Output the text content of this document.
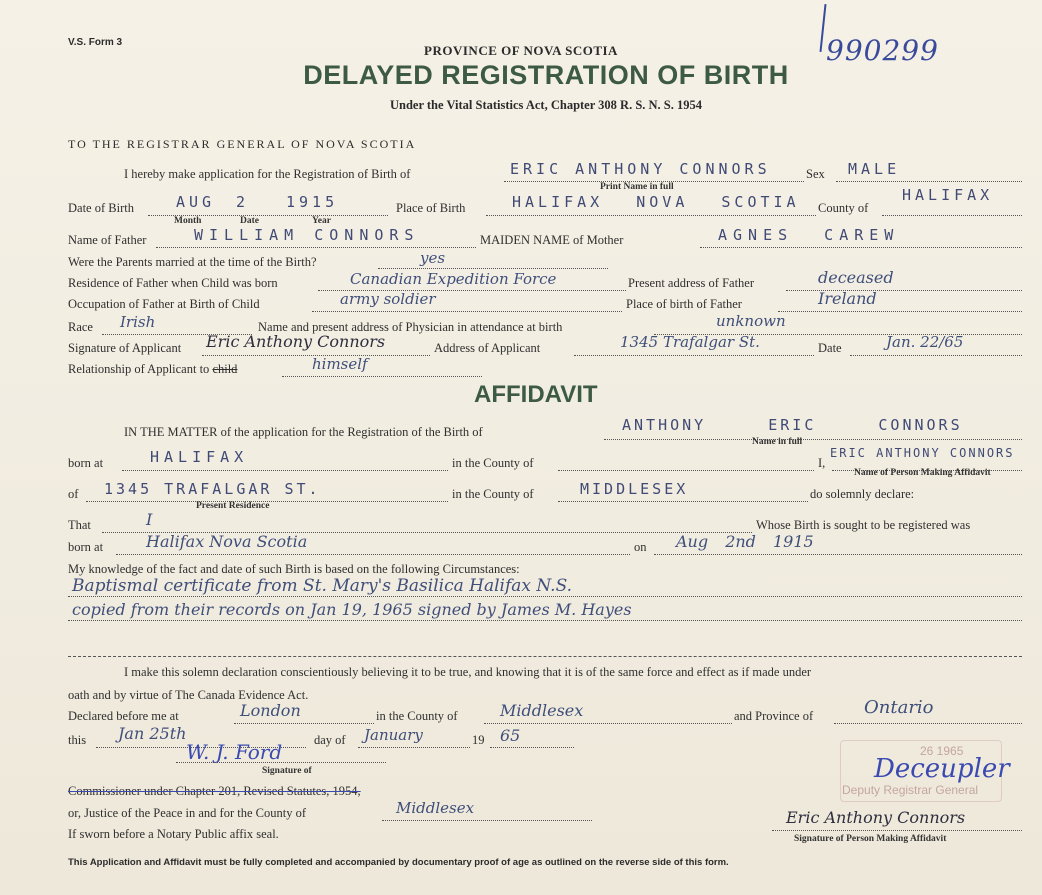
V.S. Form 3	990299
PROVINCE OF NOVA SCOTIA
DELAYED REGISTRATION OF BIRTH
Under the Vital Statistics Act, Chapter 308 R. S. N. S. 1954
TO THE REGISTRAR GENERAL OF NOVA SCOTIA
I hereby make application for the Registration of Birth of	ERIC ANTHONY CONNORS	Sex MALE
Print Name in full
Date of Birth	AUG 2 1915
Month	Date	Year
Place of Birth	HALIFAX NOVA SCOTIA County of
HALIFAX
Name of Father	WILLIAM CONNORS	MAIDEN NAME of Mother	AGNES CAREW
Were the Parents married at the time of the Birth?	yes
Residence of Father when Child was born	Canadian Expedition Force	Present address of Father	deceased
Occupation of Father at Birth of Child	army soldier	Place of birth of Father	Ireland
Race Irish	Name and present address of Physician in attendance at birth	unknown
Signature of Applicant Eric Anthony Connors	Address of Applicant	1345 Trafalgar St.	Date	Jan. 22/65
Relationship of Applicant to child	himself
AFFIDAVIT
IN THE MATTER of the application for the Registration of the Birth of	ANTHONY ERIC CONNORS
Name in full
born at	HALIFAX	in the County of	I,
ERIC ANTHONY CONNORS
Name of Person Making Affidavit
of 1345 TRAFALGAR ST.
Present Residence
in the County of	MIDDLESEX	do solemnly declare:
That	I	Whose Birth is sought to be registered was
born at	Halifax Nova Scotia	on Aug 2nd 1915
My knowledge of the fact and date of such Birth is based on the following Circumstances:
Baptismal certificate from St. Mary's Basilica Halifax N.S.
copied from their records on Jan 19, 1965 signed by James M. Hayes
I make this solemn declaration conscientiously believing it to be true, and knowing that it is of the same force and effect as if made under
oath and by virtue of The Canada Evidence Act.
Declared before me at	London	in the County of	Middlesex	and Province of	Ontario
this Jan 25th	day of January	19 65
W. J. Ford
Signature of
Commissioner under Chapter 201, Revised Statutes, 1954,
or, Justice of the Peace in and for the County of	Middlesex
If sworn before a Notary Public affix seal.
26 1965
Deputy Registrar General
Deceupler
Eric Anthony Connors
Signature of Person Making Affidavit
This Application and Affidavit must be fully completed and accompanied by documentary proof of age as outlined on the reverse side of this form.
